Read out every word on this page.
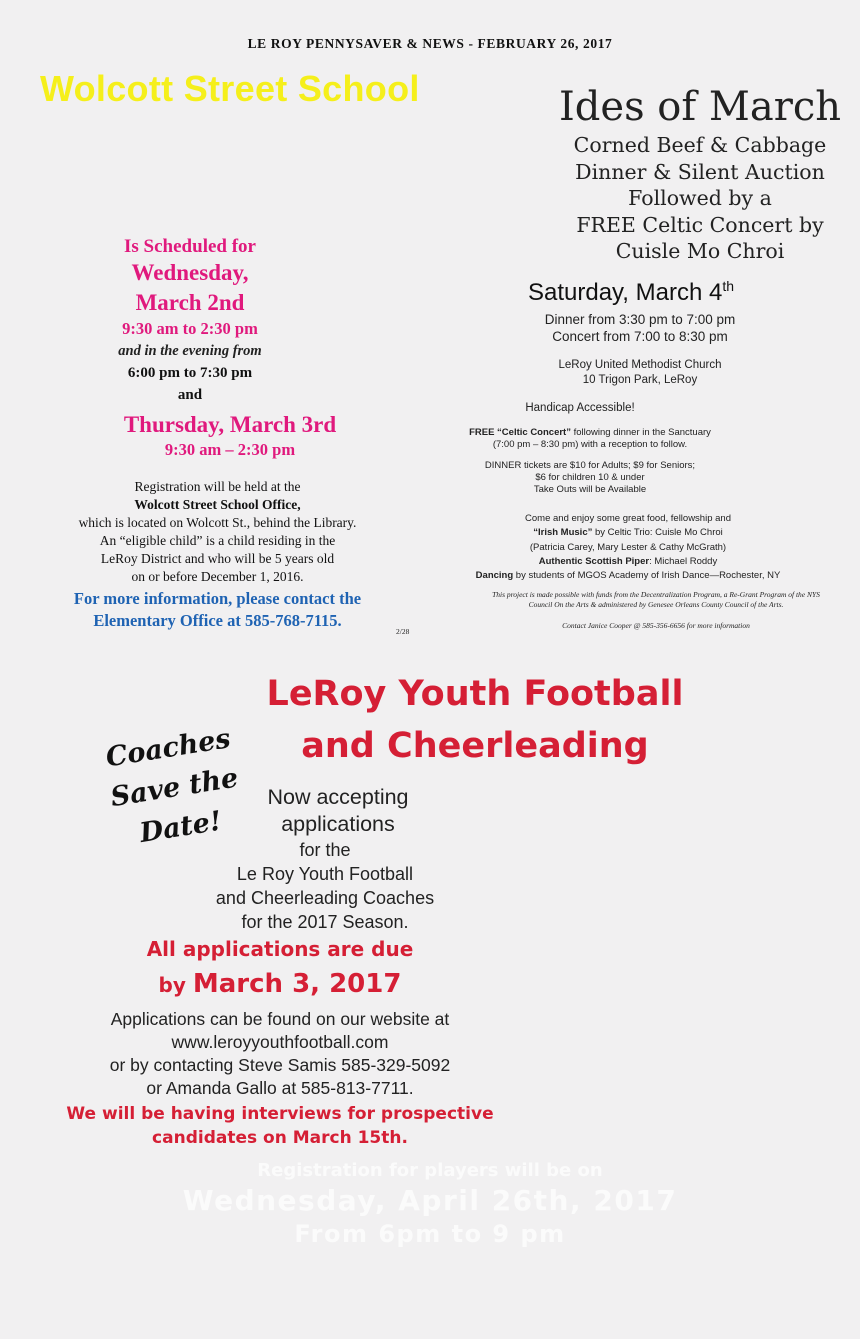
LE ROY PENNYSAVER & NEWS - FEBRUARY 26, 2017
Wolcott Street School	Ides of March
Corned Beef & Cabbage
Dinner & Silent Auction
Followed by a
FREE Celtic Concert by
Cuisle Mo Chroi
Saturday, March 4th
Dinner from 3:30 pm to 7:00 pm
Concert from 7:00 to 8:30 pm
LeRoy United Methodist Church
10 Trigon Park, LeRoy
Handicap Accessible!
FREE “Celtic Concert” following dinner in the Sanctuary
(7:00 pm – 8:30 pm) with a reception to follow.
DINNER tickets are $10 for Adults; $9 for Seniors;
$6 for children 10 & under
Take Outs will be Available
Come and enjoy some great food, fellowship and
“Irish Music” by Celtic Trio: Cuisle Mo Chroi
(Patricia Carey, Mary Lester & Cathy McGrath)
Authentic Scottish Piper: Michael Roddy
Dancing by students of MGOS Academy of Irish Dance—Rochester, NY
This project is made possible with funds from the Decentralization Program, a Re-Grant Program of the NYS
Council On the Arts & administered by Genesee Orleans County Council of the Arts.
Contact Janice Cooper @ 585-356-6656 for more information
Is Scheduled for
Wednesday,
March 2nd
9:30 am to 2:30 pm
and in the evening from
6:00 pm to 7:30 pm
and
Thursday, March 3rd
9:30 am – 2:30 pm
Registration will be held at the
Wolcott Street School Office,
which is located on Wolcott St., behind the Library.
An “eligible child” is a child residing in the
LeRoy District and who will be 5 years old
on or before December 1, 2016.
For more information, please contact the
Elementary Office at 585-768-7115.
2/28
LeRoy Youth Football
and Cheerleading
Coaches
Save the
Date!
Now accepting
applications
for the
Le Roy Youth Football
and Cheerleading Coaches
for the 2017 Season.
All applications are due
by March 3, 2017
Applications can be found on our website at
www.leroyyouthfootball.com
or by contacting Steve Samis 585-329-5092
or Amanda Gallo at 585-813-7711.
We will be having interviews for prospective
candidates on March 15th.
Registration for players will be on
Wednesday, April 26th, 2017
From 6pm to 9 pm
